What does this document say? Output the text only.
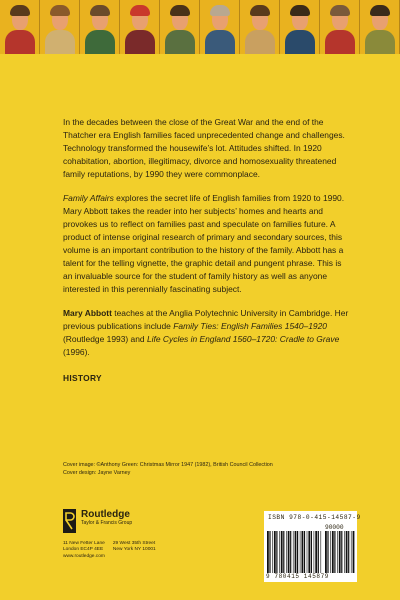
In the decades between the close of the Great War and the end of the Thatcher era English families faced unprecedented change and challenges. Technology transformed the housewife’s lot. Attitudes shifted. In 1920 cohabitation, abortion, illegitimacy, divorce and homosexuality threatened family reputations, by 1990 they were commonplace.

Family Affairs explores the secret life of English families from 1920 to 1990. Mary Abbott takes the reader into her subjects’ homes and hearts and provokes us to reflect on families past and speculate on families future. A product of intense original research of primary and secondary sources, this volume is an important contribution to the history of the family. Abbott has a talent for the telling vignette, the graphic detail and pungent phrase. This is an invaluable source for the student of family history as well as anyone interested in this perennially fascinating subject.

Mary Abbott teaches at the Anglia Polytechnic University in Cambridge. Her previous publications include Family Ties: English Families 1540–1920 (Routledge 1993) and Life Cycles in England 1560–1720: Cradle to Grave (1996).

HISTORY
Cover image: ©Anthony Green: Christmas Mirror 1947 (1982), British Council Collection
Cover design: Jayne Varney
Routledge
Taylor & Francis Group
11 New Fetter Lane
London EC4P 4EE
www.routledge.com
29 West 35th Street
New York NY 10001
ISBN 978-0-415-14587-9
90000
9 780415 145879
